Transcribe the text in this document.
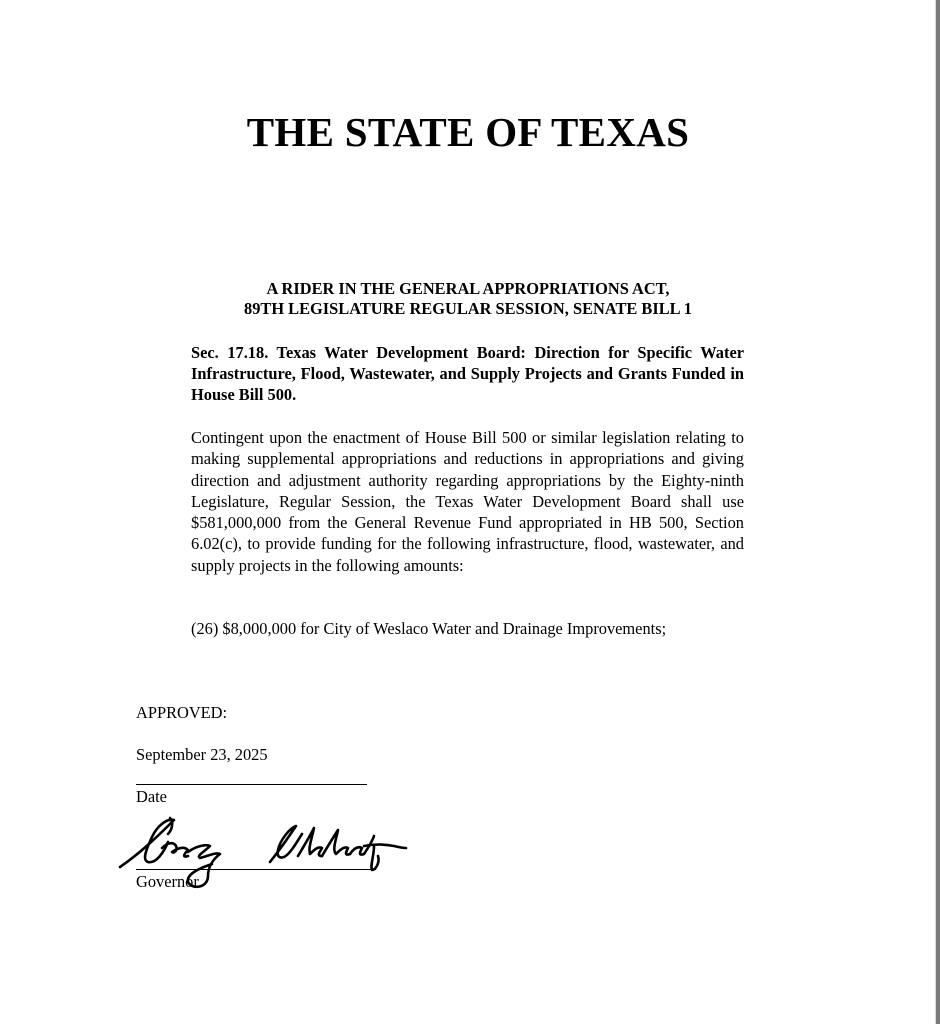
THE STATE OF TEXAS
A RIDER IN THE GENERAL APPROPRIATIONS ACT,
89TH LEGISLATURE REGULAR SESSION, SENATE BILL 1
Sec. 17.18. Texas Water Development Board: Direction for Specific Water Infrastructure, Flood, Wastewater, and Supply Projects and Grants Funded in House Bill 500.
Contingent upon the enactment of House Bill 500 or similar legislation relating to making supplemental appropriations and reductions in appropriations and giving direction and adjustment authority regarding appropriations by the Eighty-ninth Legislature, Regular Session, the Texas Water Development Board shall use $581,000,000 from the General Revenue Fund appropriated in HB 500, Section 6.02(c), to provide funding for the following infrastructure, flood, wastewater, and supply projects in the following amounts:
(26) $8,000,000 for City of Weslaco Water and Drainage Improvements;
APPROVED:
September 23, 2025
Date
Governor
